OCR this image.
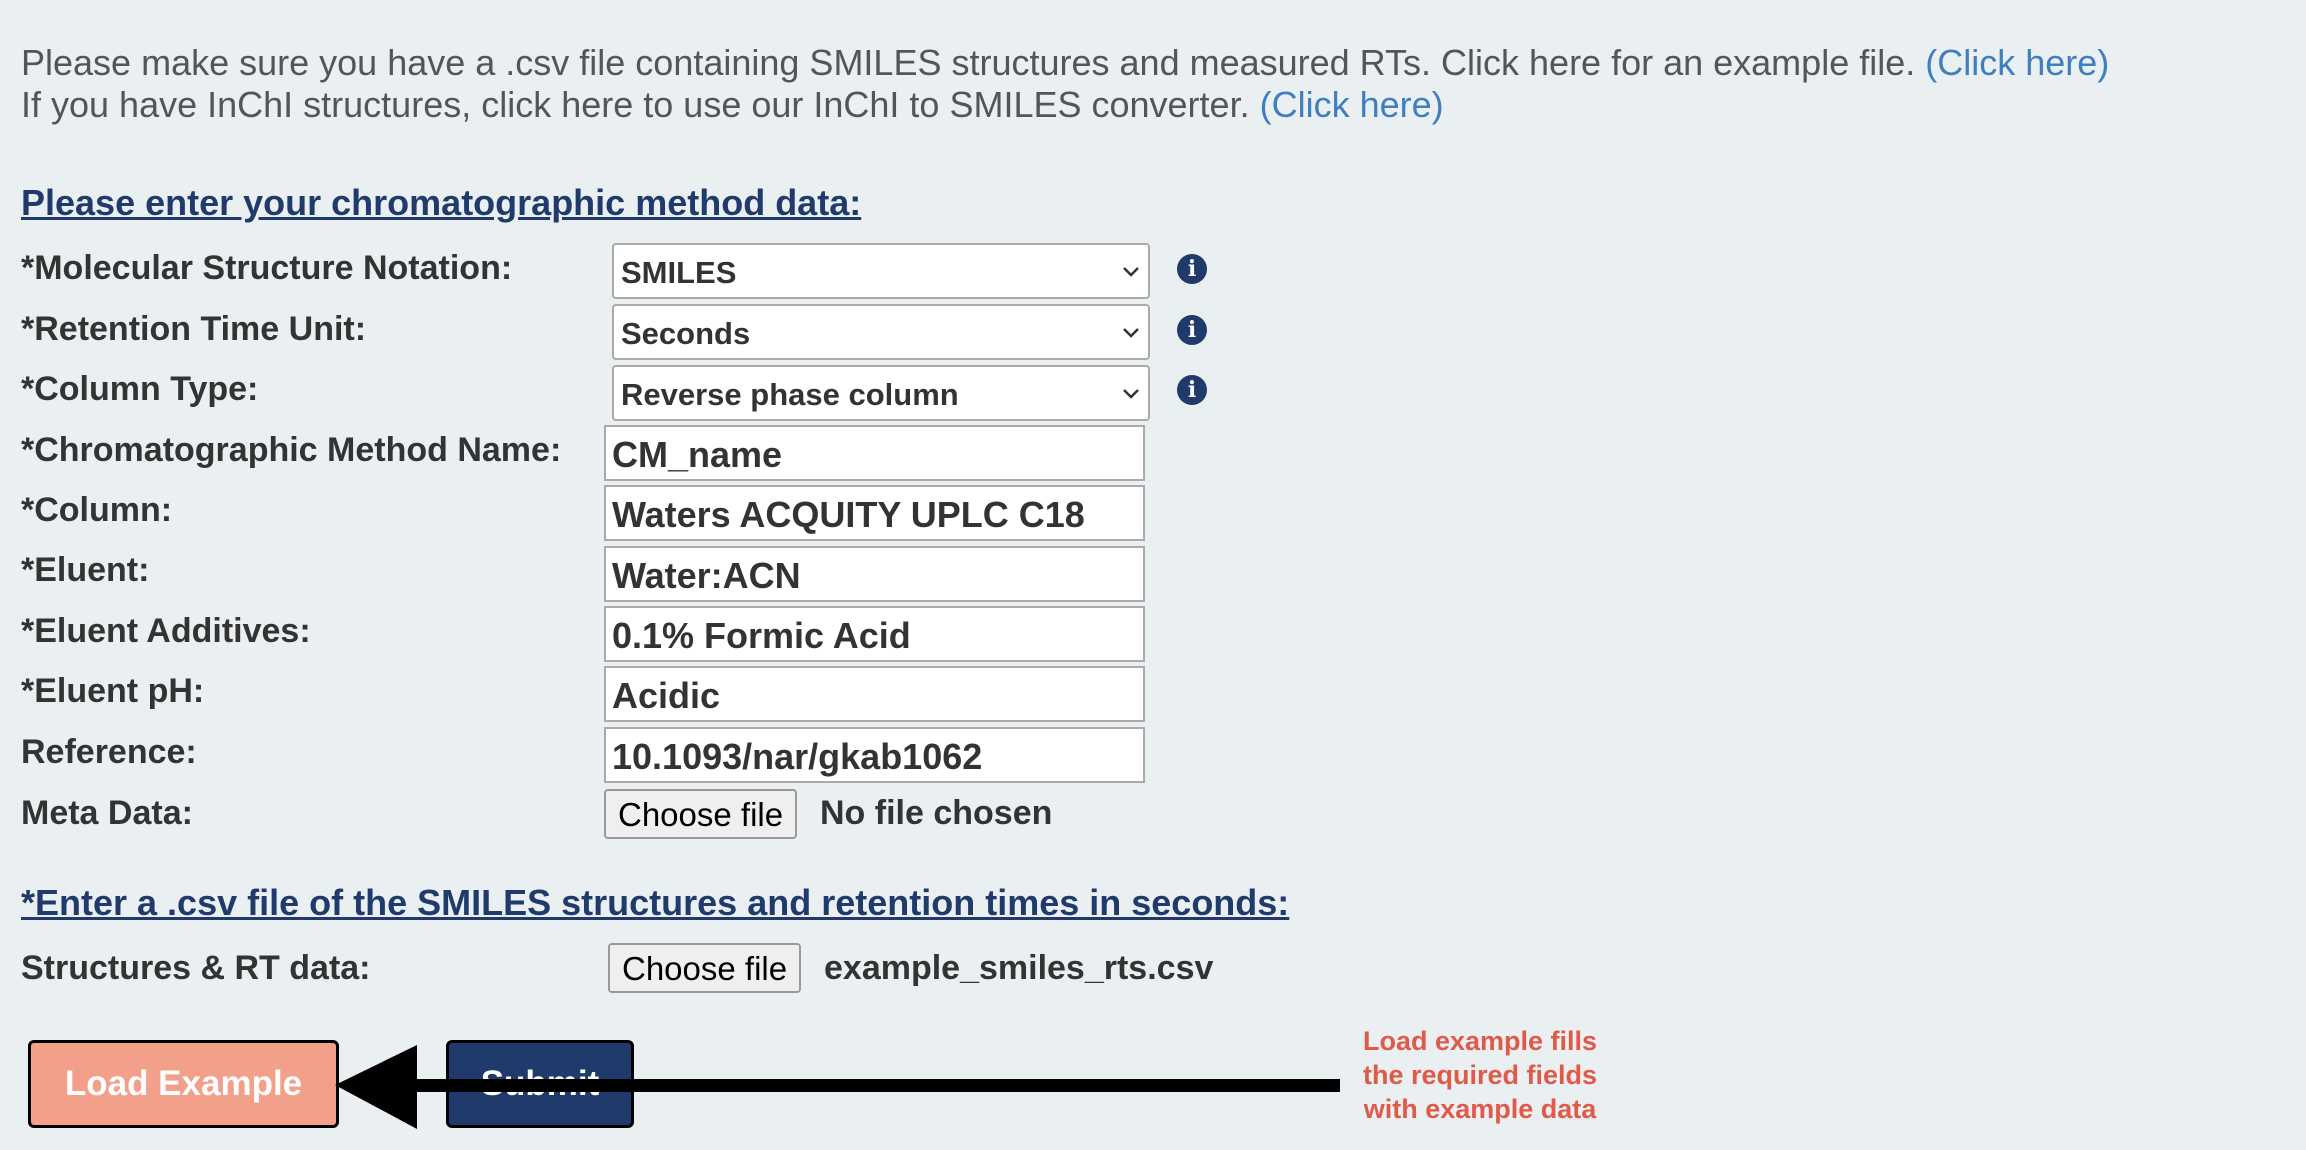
Please make sure you have a .csv file containing SMILES structures and measured RTs. Click here for an example file. (Click here)
If you have InChI structures, click here to use our InChI to SMILES converter. (Click here)
Please enter your chromatographic method data:
*Molecular Structure Notation:	SMILES	i
*Retention Time Unit:	Seconds	i
*Column Type:	Reverse phase column	i
*Chromatographic Method Name: CM_name
*Column:	Waters ACQUITY UPLC C18
*Eluent:	Water:ACN
*Eluent Additives:	0.1% Formic Acid
*Eluent pH:	Acidic
Reference:	10.1093/nar/gkab1062
Meta Data:	Choose file	No file chosen
*Enter a .csv file of the SMILES structures and retention times in seconds:
Structures & RT data:	Choose file	example_smiles_rts.csv
Load Example
Load example fills
the required fields
with example data
